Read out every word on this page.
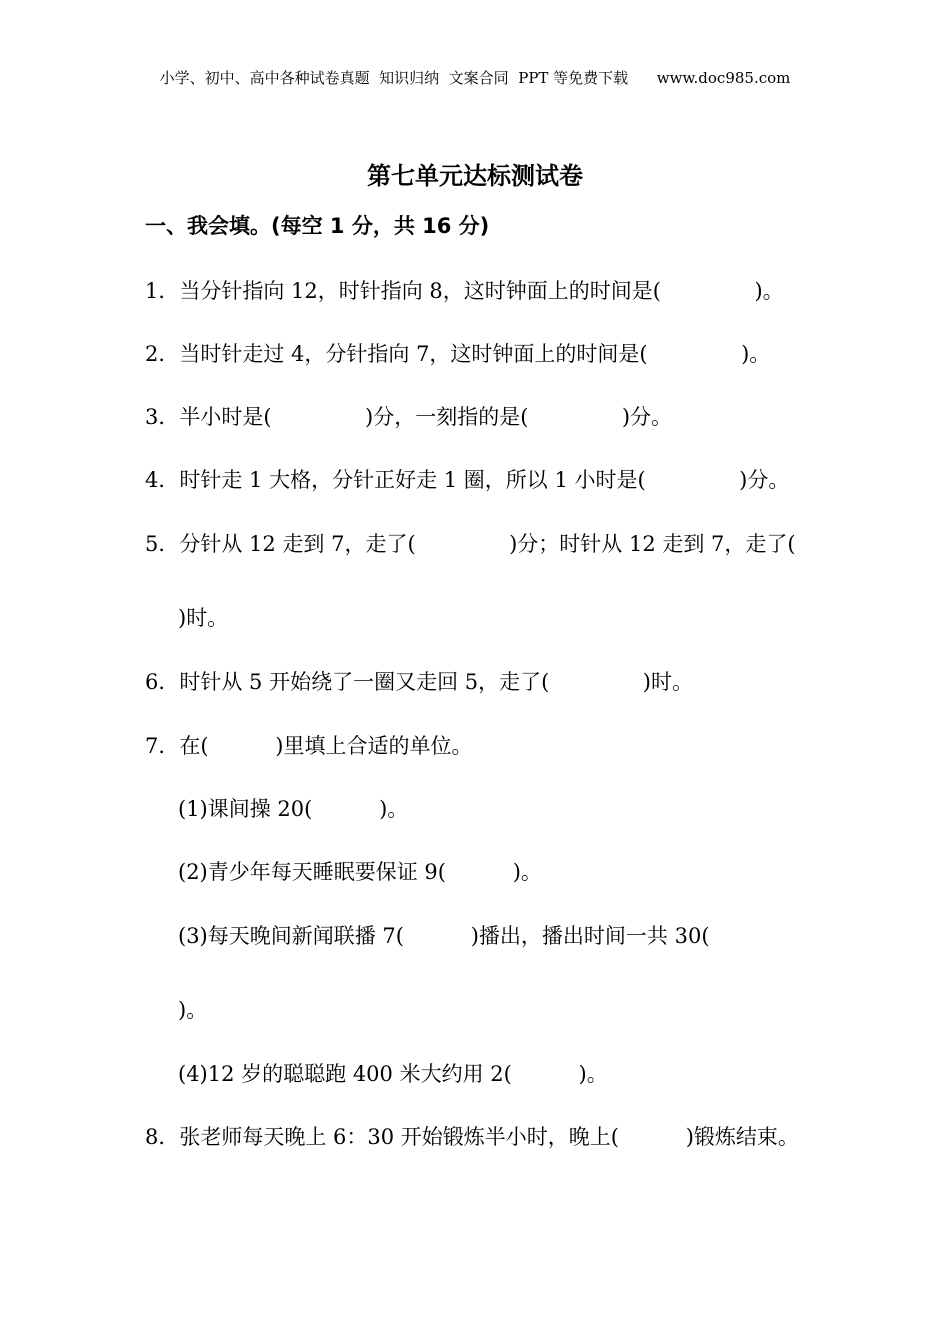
小学、初中、高中各种试卷真题  知识归纳  文案合同  PPT 等免费下载      www.doc985.com
第七单元达标测试卷
一、我会填。(每空 1 分，共 16 分)
1．当分针指向 12，时针指向 8，这时钟面上的时间是(              )。
2．当时针走过 4，分针指向 7，这时钟面上的时间是(              )。
3．半小时是(              )分，一刻指的是(              )分。
4．时针走 1 大格，分针正好走 1 圈，所以 1 小时是(              )分。
5．分针从 12 走到 7，走了(              )分；时针从 12 走到 7，走了(
)时。
6．时针从 5 开始绕了一圈又走回 5，走了(              )时。
7．在(          )里填上合适的单位。
(1)课间操 20(          )。
(2)青少年每天睡眠要保证 9(          )。
(3)每天晚间新闻联播 7(          )播出，播出时间一共 30(
)。
(4)12 岁的聪聪跑 400 米大约用 2(          )。
8．张老师每天晚上 6：30 开始锻炼半小时，晚上(          )锻炼结束。
